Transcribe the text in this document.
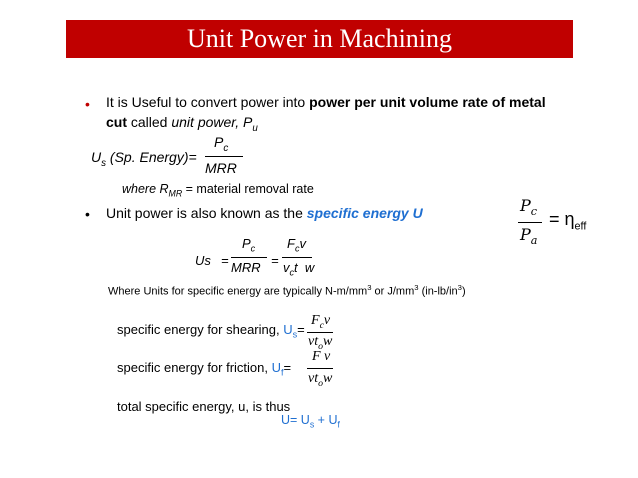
Unit Power in Machining
• It is Useful to convert power into power per unit volume rate of metal
cut called unit power, $P_u$
$U_s$ (Sp. Energy)=
$P_c$
MRR
where $R_{MR}$ = material removal rate
• Unit power is also known as the specific energy U
Us =
$P_c$
MRR =
$F_cv$
$v_ct$  w
Where Units for specific energy are typically $N-m/mm^3$ or $J/mm^3$ $(in-lb/in^3)$
specific energy for shearing, $U_s=$
$F_cv$
$vt_ow$
specific energy for friction, $U_f=$
F v
$vt_ow$
total specific energy, u, is thus
$U= U_s + U_f$
$P_c$
$P_a$
= $\eta_{eff}$
